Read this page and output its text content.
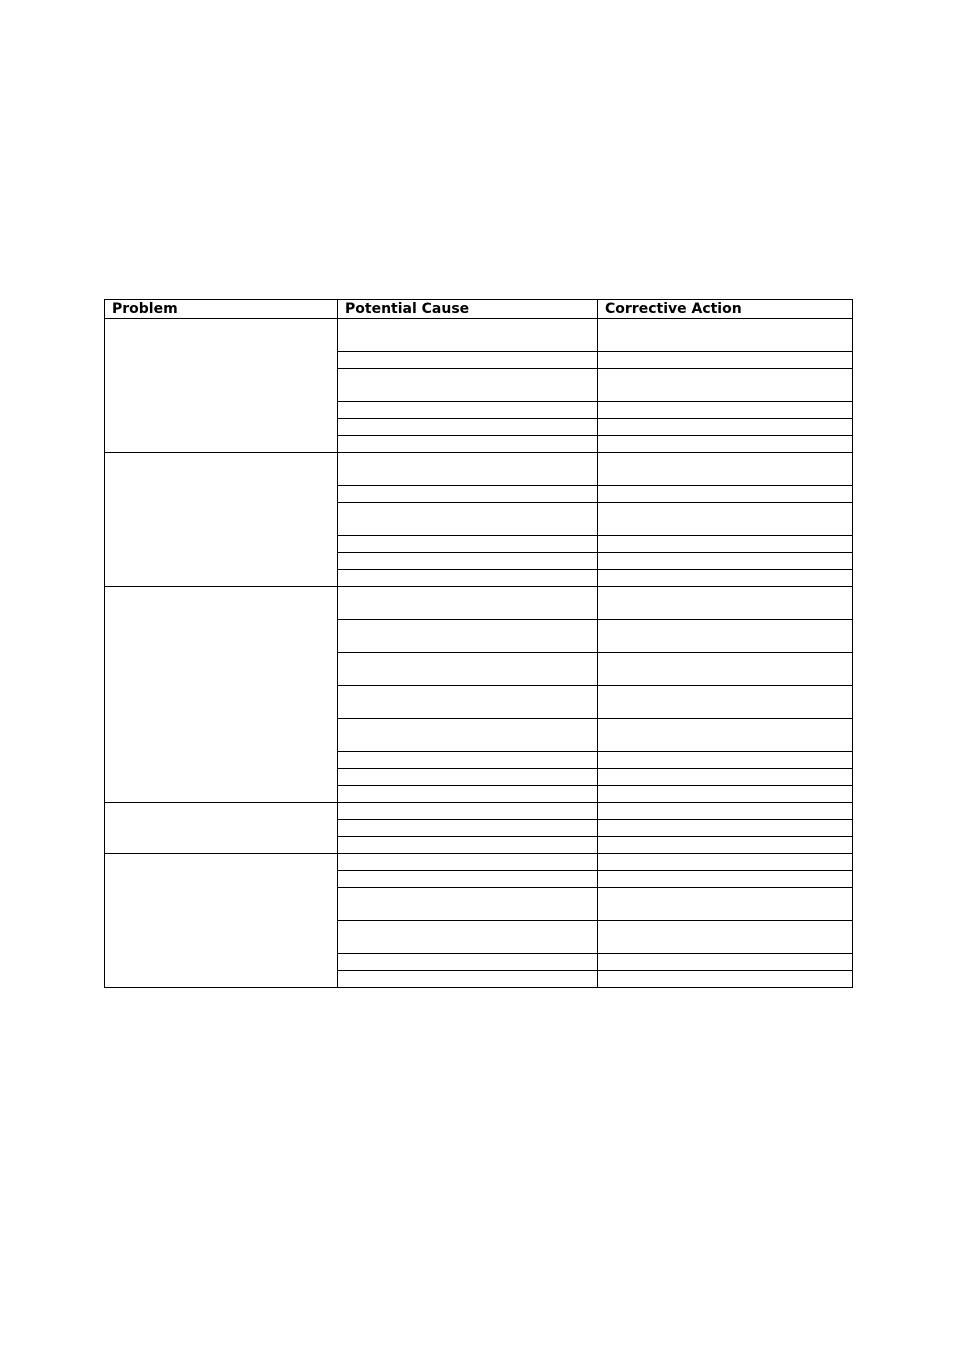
Problem	Potential Cause	Corrective Action
